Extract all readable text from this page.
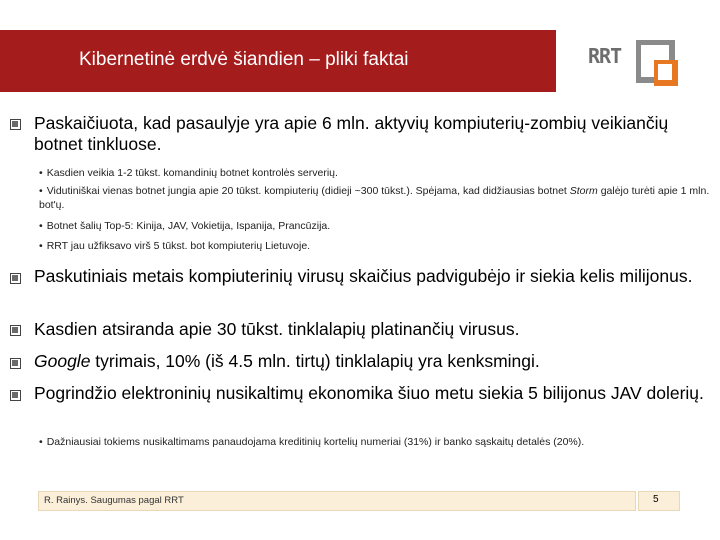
Kibernetinė erdvė šiandien – pliki faktai	RRT
Paskaičiuota, kad pasaulyje yra apie 6 mln. aktyvių kompiuterių-zombių veikiančių botnet tinkluose.
• Kasdien veikia 1-2 tūkst. komandinių botnet kontrolės serverių.
• Vidutiniškai vienas botnet jungia apie 20 tūkst. kompiuterių (didieji ~300 tūkst.). Spėjama, kad didžiausias botnet Storm galėjo turėti apie 1 mln. bot'ų.
• Botnet šalių Top-5: Kinija, JAV, Vokietija, Ispanija, Prancūzija.
• RRT jau užfiksavo virš 5 tūkst. bot kompiuterių Lietuvoje.
Paskutiniais metais kompiuterinių virusų skaičius padvigubėjo ir siekia kelis milijonus.
Kasdien atsiranda apie 30 tūkst. tinklalapių platinančių virusus.
Google tyrimais, 10% (iš 4.5 mln. tirtų) tinklalapių yra kenksmingi.
Pogrindžio elektroninių nusikaltimų ekonomika šiuo metu siekia 5 bilijonus JAV dolerių.
• Dažniausiai tokiems nusikaltimams panaudojama kreditinių kortelių numeriai (31%) ir banko sąskaitų detalės (20%).
R. Rainys. Saugumas pagal RRT	5
